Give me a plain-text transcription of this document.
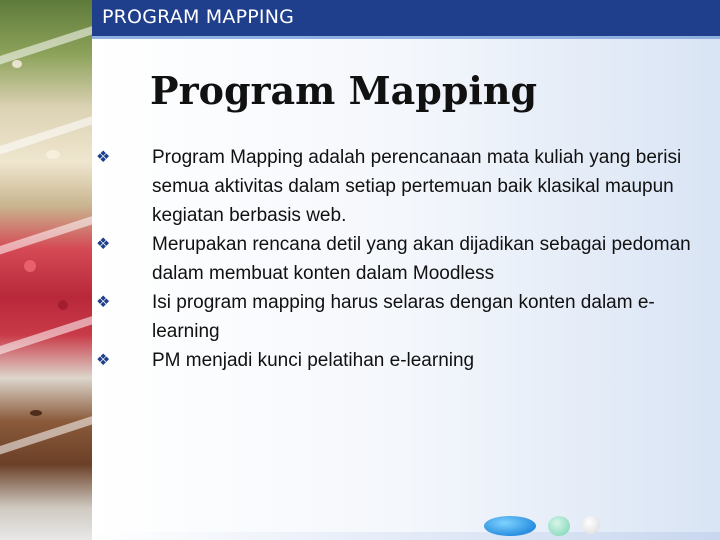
PROGRAM MAPPING
❖ Program Mapping adalah perencanaan mata kuliah yang berisi semua aktivitas dalam setiap pertemuan baik klasikal maupun kegiatan berbasis web.
❖ Merupakan rencana detil yang akan dijadikan sebagai pedoman dalam membuat konten dalam Moodless
❖ Isi program mapping harus selaras dengan konten dalam e-learning
❖ PM menjadi kunci pelatihan e-learning
Program Mapping
